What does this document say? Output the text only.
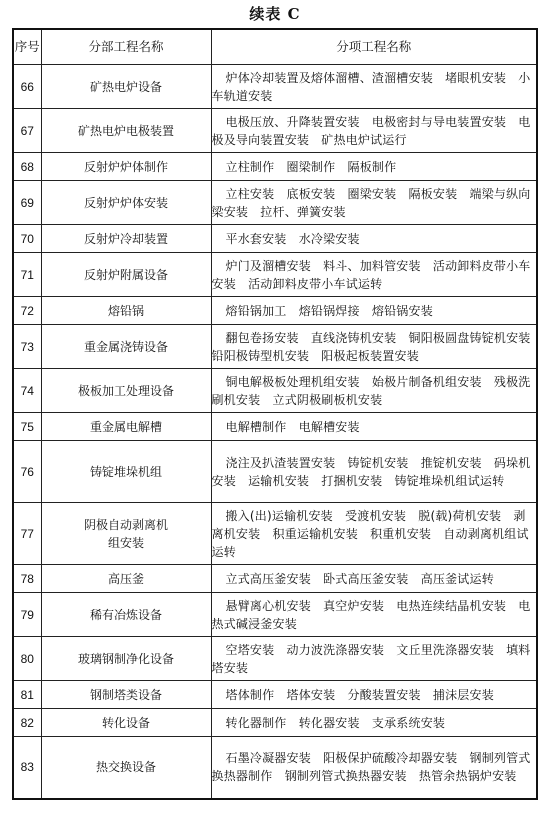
续表 C
序号	分部工程名称	分项工程名称
66	矿热电炉设备	炉体冷却装置及熔体溜槽、渣溜槽安装　堵眼机安装　小车轨道安装
67	矿热电炉电极装置	电极压放、升降装置安装　电极密封与导电装置安装　电极及导向装置安装　矿热电炉试运行
68	反射炉炉体制作	立柱制作　圈梁制作　隔板制作
69	反射炉炉体安装	立柱安装　底板安装　圈梁安装　隔板安装　端梁与纵向梁安装　拉杆、弹簧安装
70	反射炉冷却装置	平水套安装　水冷梁安装
71	反射炉附属设备	炉门及溜槽安装　料斗、加料管安装　活动卸料皮带小车安装　活动卸料皮带小车试运转
72	熔铅锅	熔铅锅加工　熔铅锅焊接　熔铅锅安装
73	重金属浇铸设备	翻包卷扬安装　直线浇铸机安装　铜阳极圆盘铸锭机安装　铅阳极铸型机安装　阳极起板装置安装
74	极板加工处理设备	铜电解极板处理机组安装　始极片制备机组安装　残极洗刷机安装　立式阴极刷板机安装
75	重金属电解槽	电解槽制作　电解槽安装
76	铸锭堆垛机组	浇注及扒渣装置安装　铸锭机安装　推锭机安装　码垛机安装　运输机安装　打捆机安装　铸锭堆垛机组试运转
77	阴极自动剥离机组安装	搬入(出)运输机安装　受渡机安装　脱(载)荷机安装　剥离机安装　积重运输机安装　积重机安装　自动剥离机组试运转
78	高压釜	立式高压釜安装　卧式高压釜安装　高压釜试运转
79	稀有冶炼设备	悬臂离心机安装　真空炉安装　电热连续结晶机安装　电热式碱浸釜安装
80	玻璃钢制净化设备	空塔安装　动力波洗涤器安装　文丘里洗涤器安装　填料塔安装
81	钢制塔类设备	塔体制作　塔体安装　分酸装置安装　捕沫层安装
82	转化设备	转化器制作　转化器安装　支承系统安装
83	热交换设备	石墨冷凝器安装　阳极保护硫酸冷却器安装　钢制列管式换热器制作　钢制列管式换热器安装　热管余热锅炉安装
